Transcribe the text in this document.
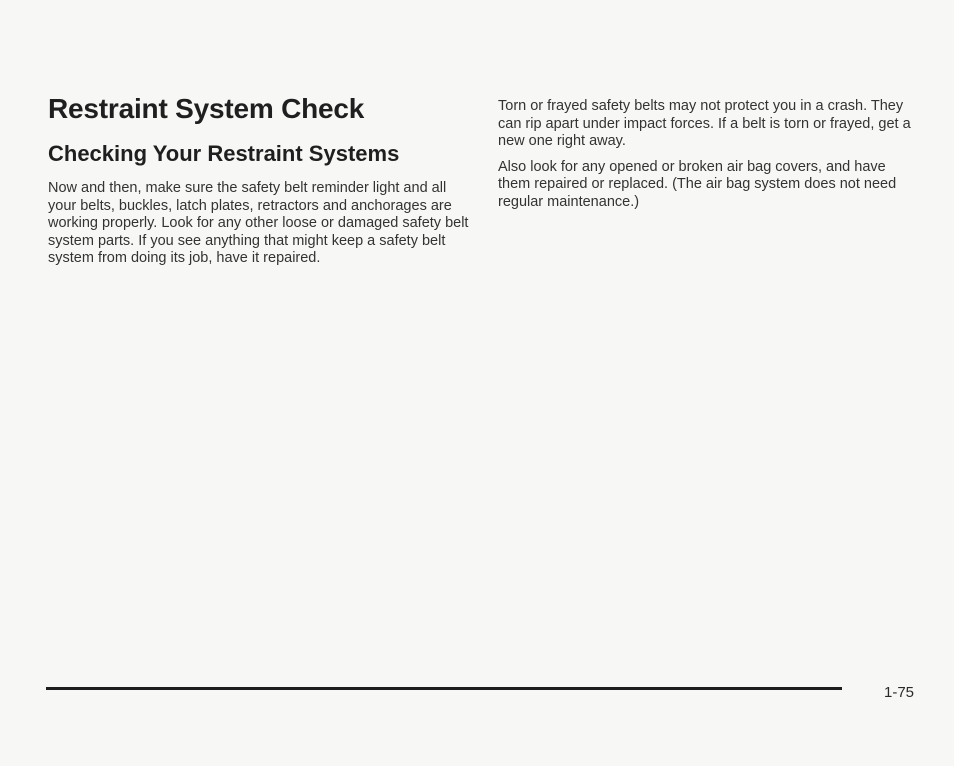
Restraint System Check
Checking Your Restraint Systems

Now and then, make sure the safety belt reminder light and all your belts, buckles, latch plates, retractors and anchorages are working properly. Look for any other loose or damaged safety belt system parts. If you see anything that might keep a safety belt system from doing its job, have it repaired.

Torn or frayed safety belts may not protect you in a crash. They can rip apart under impact forces. If a belt is torn or frayed, get a new one right away.

Also look for any opened or broken air bag covers, and have them repaired or replaced. (The air bag system does not need regular maintenance.)

1-75
